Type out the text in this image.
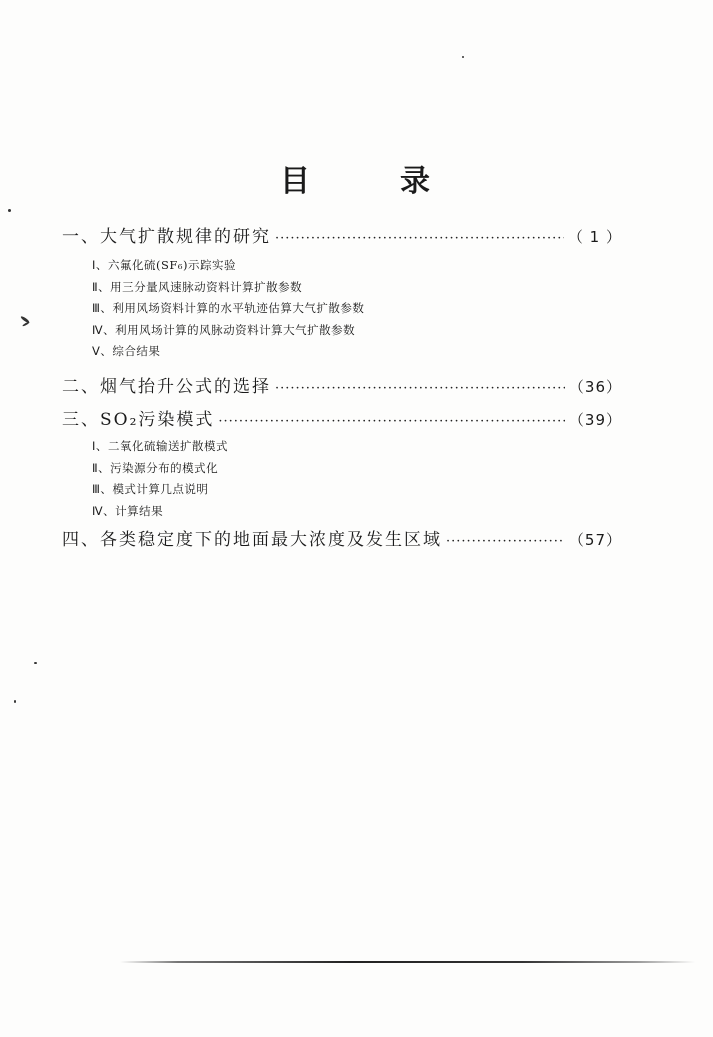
目	录
一、 大气扩散规律的研究 ·····	（ 1 ）
Ⅰ、六氟化硫(SF₆)示踪实验
Ⅱ、用三分量风速脉动资料计算扩散参数
Ⅲ、利用风场资料计算的水平轨迹估算大气扩散参数
Ⅳ、利用风场计算的风脉动资料计算大气扩散参数
Ⅴ、综合结果
二、 烟气抬升公式的选择 ·····	（36）
三、 SO₂污染模式 ·····	（39）
Ⅰ、二氧化硫输送扩散模式
Ⅱ、污染源分布的模式化
Ⅲ、模式计算几点说明
Ⅳ、计算结果
四、 各类稳定度下的地面最大浓度及发生区域 ·····	（57）
